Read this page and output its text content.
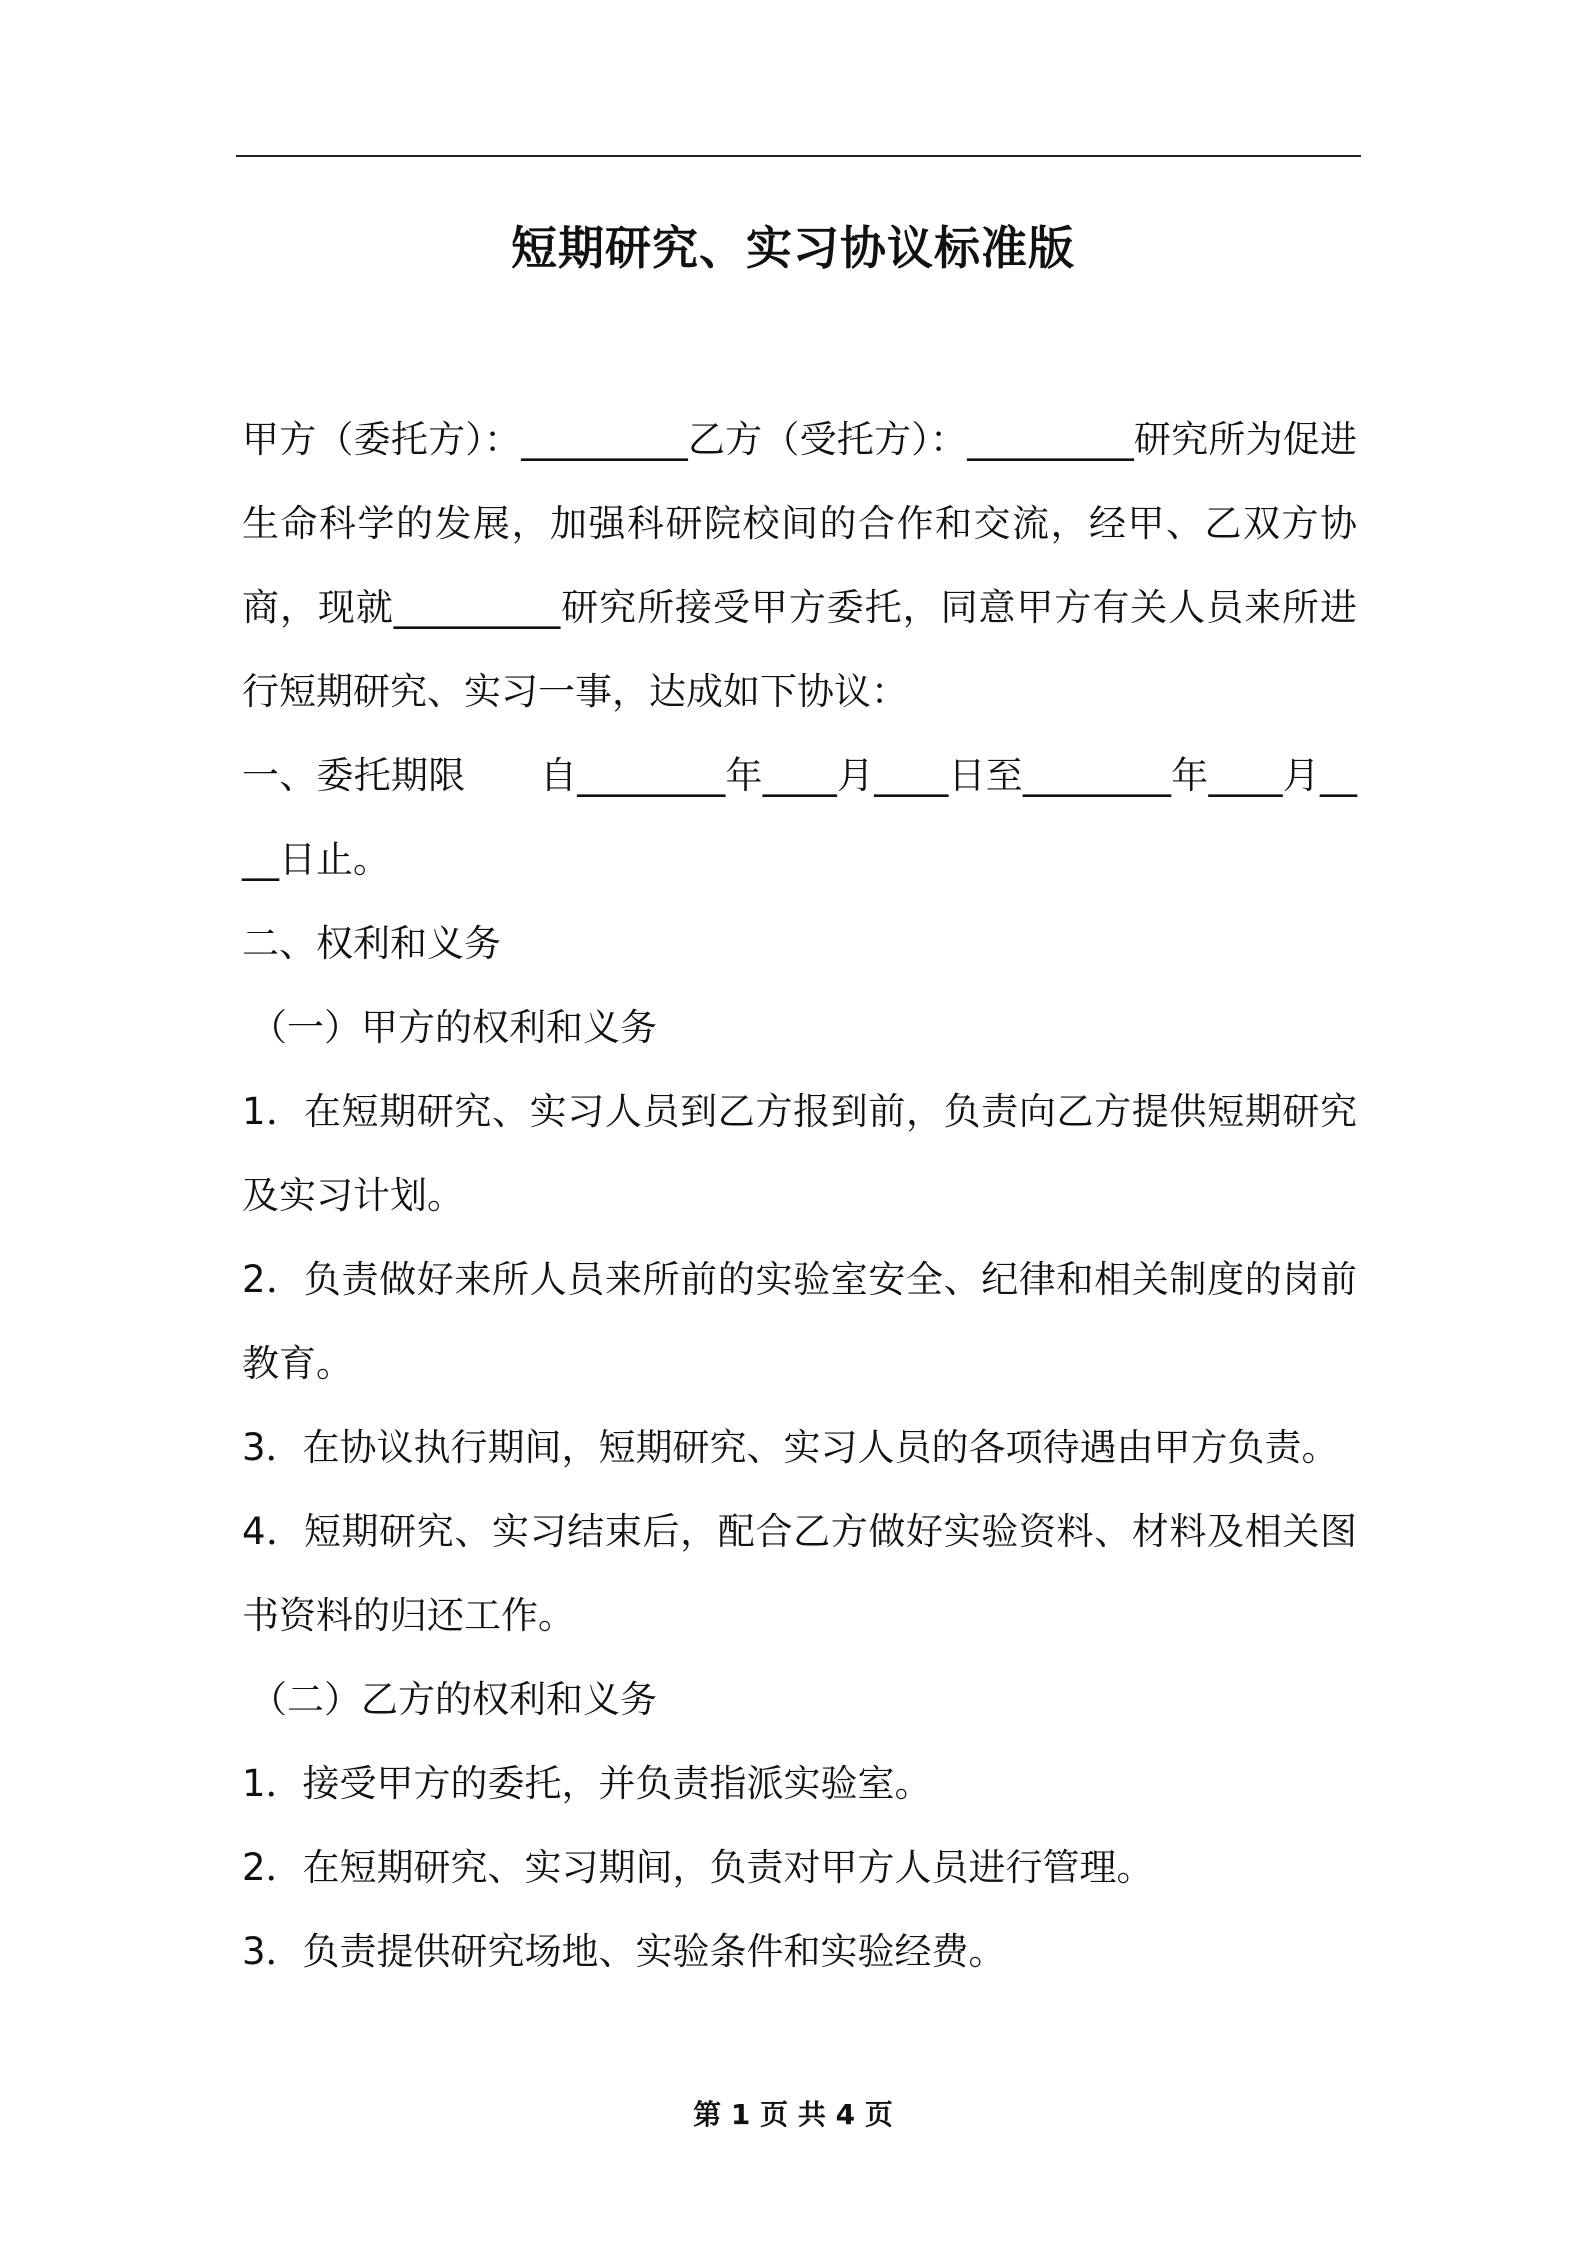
短期研究、实习协议标准版

甲方（委托方）：_________乙方（受托方）：_________研究所为促进生命科学的发展，加强科研院校间的合作和交流，经甲、乙双方协商，现就_________研究所接受甲方委托，同意甲方有关人员来所进行短期研究、实习一事，达成如下协议：

一、委托期限　　自________年____月____日至________年____月____日止。

二、权利和义务

（一）甲方的权利和义务

1．在短期研究、实习人员到乙方报到前，负责向乙方提供短期研究及实习计划。

2．负责做好来所人员来所前的实验室安全、纪律和相关制度的岗前教育。

3．在协议执行期间，短期研究、实习人员的各项待遇由甲方负责。

4．短期研究、实习结束后，配合乙方做好实验资料、材料及相关图书资料的归还工作。

（二）乙方的权利和义务

1．接受甲方的委托，并负责指派实验室。

2．在短期研究、实习期间，负责对甲方人员进行管理。

3．负责提供研究场地、实验条件和实验经费。

第 1 页 共 4 页
